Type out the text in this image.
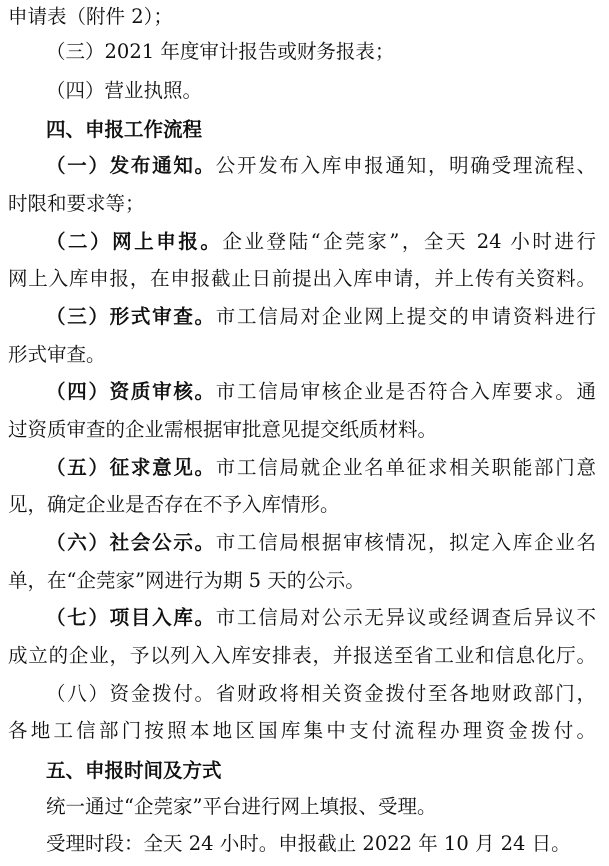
申请表（附件 2）；
（三）2021 年度审计报告或财务报表；
（四）营业执照。
四、申报工作流程
（一）发布通知。公开发布入库申报通知，明确受理流程、
时限和要求等；
（二）网上申报。企业登陆“企莞家”，全天 24 小时进行
网上入库申报，在申报截止日前提出入库申请，并上传有关资料。
（三）形式审查。市工信局对企业网上提交的申请资料进行
形式审查。
（四）资质审核。市工信局审核企业是否符合入库要求。通
过资质审查的企业需根据审批意见提交纸质材料。
（五）征求意见。市工信局就企业名单征求相关职能部门意
见，确定企业是否存在不予入库情形。
（六）社会公示。市工信局根据审核情况，拟定入库企业名
单，在“企莞家”网进行为期 5 天的公示。
（七）项目入库。市工信局对公示无异议或经调查后异议不
成立的企业，予以列入入库安排表，并报送至省工业和信息化厅。
（八）资金拨付。省财政将相关资金拨付至各地财政部门，
各地工信部门按照本地区国库集中支付流程办理资金拨付。
五、申报时间及方式
统一通过“企莞家”平台进行网上填报、受理。
受理时段：全天 24 小时。申报截止 2022 年 10 月 24 日。
